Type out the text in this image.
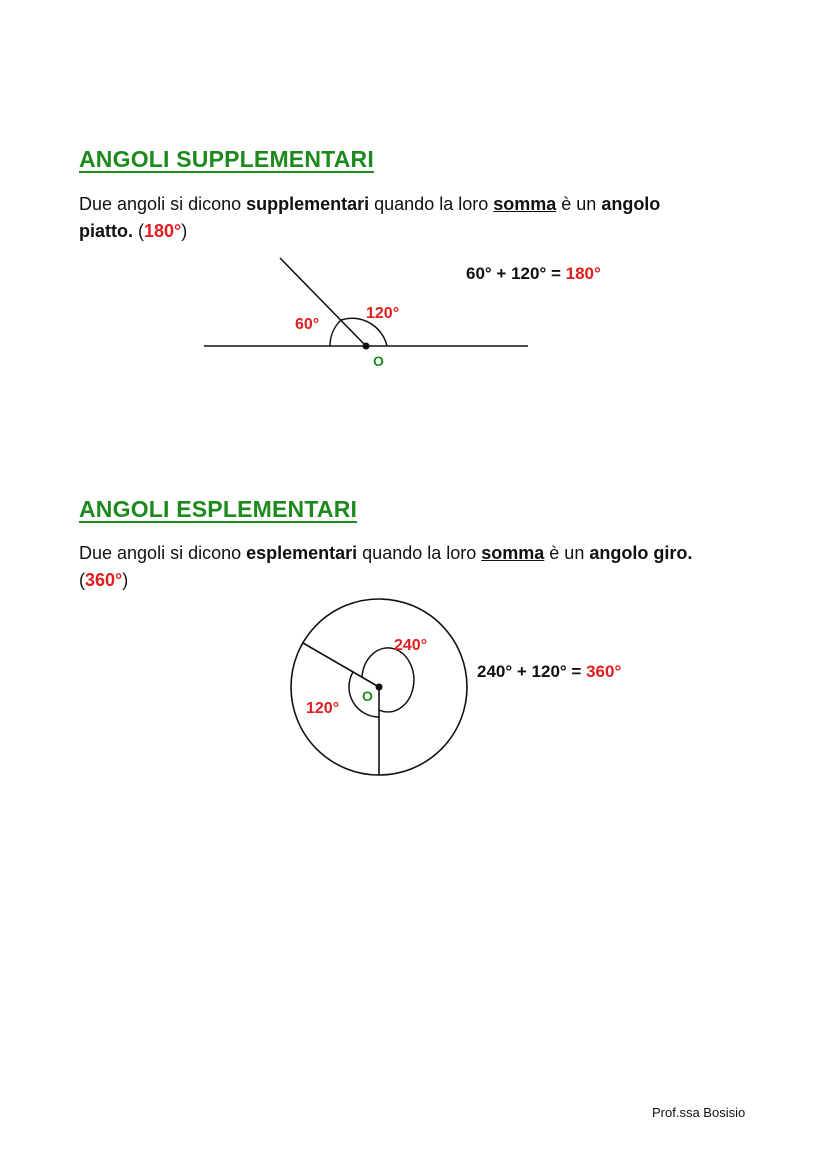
ANGOLI SUPPLEMENTARI
Due angoli si dicono supplementari quando la loro somma è un angolo
piatto. (180°)
60° + 120° = 180°
60°
120°
O
ANGOLI ESPLEMENTARI
Due angoli si dicono esplementari quando la loro somma è un angolo giro.
(360°)
240° + 120° = 360°
240°
120°
O
Prof.ssa Bosisio
